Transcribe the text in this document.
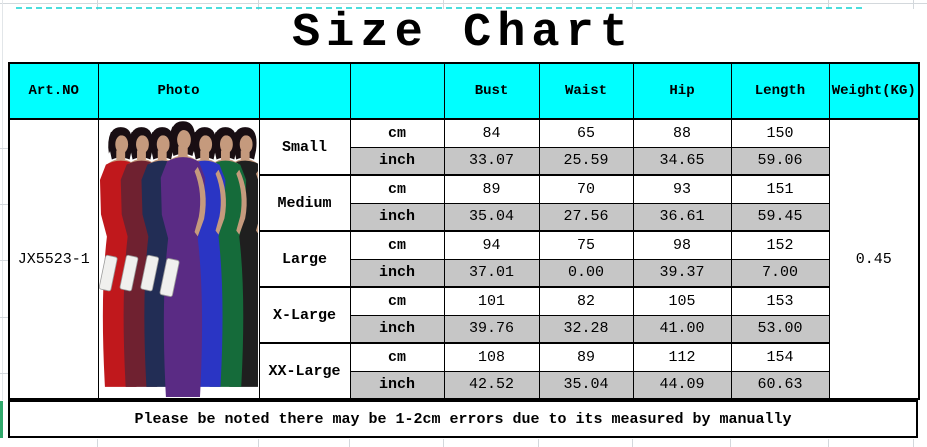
Size Chart
Art.NO	Photo			Bust	Waist	Hip	Length	Weight(KG)
JX5523-1		Small	cm	84	65	88	150	0.45
			inch	33.07	25.59	34.65	59.06	
		Medium	cm	89	70	93	151	
			inch	35.04	27.56	36.61	59.45	
		Large	cm	94	75	98	152	
			inch	37.01	0.00	39.37	7.00	
		X-Large	cm	101	82	105	153	
			inch	39.76	32.28	41.00	53.00	
		XX-Large	cm	108	89	112	154	
			inch	42.52	35.04	44.09	60.63	
Please be noted there may be 1-2cm errors due to its measured by manually
